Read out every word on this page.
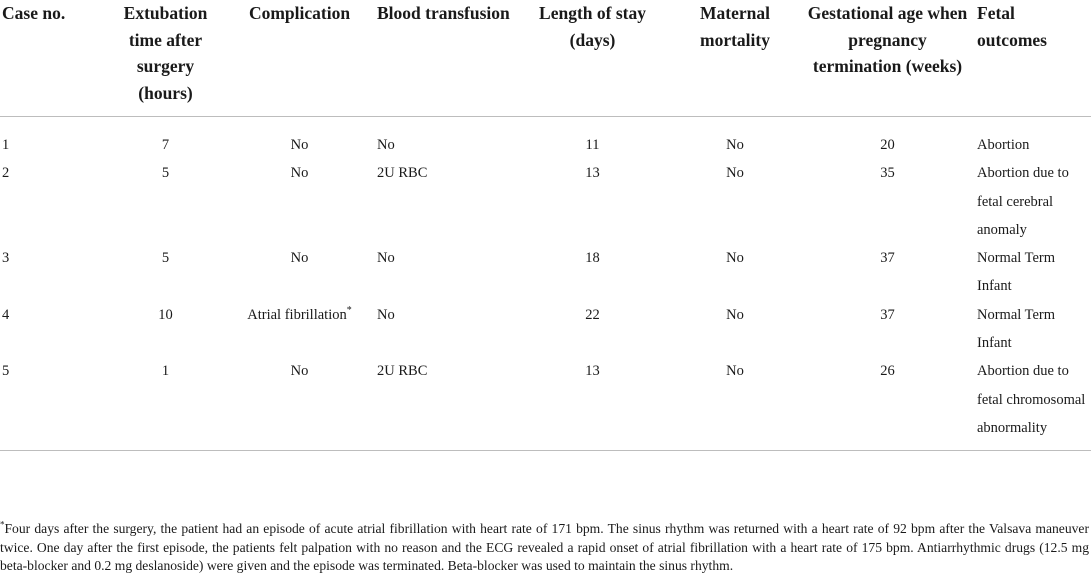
Case no.	Extubation time after surgery (hours)	Complication	Blood transfusion	Length of stay (days)	Maternal mortality	Gestational age when pregnancy termination (weeks)	Fetal outcomes
1	7	No	No	11	No	20	Abortion
2	5	No	2U RBC	13	No	35	Abortion due to fetal cerebral anomaly
3	5	No	No	18	No	37	Normal Term Infant
4	10	Atrial fibrillation*	No	22	No	37	Normal Term Infant
5	1	No	2U RBC	13	No	26	Abortion due to fetal chromosomal abnormality
*Four days after the surgery, the patient had an episode of acute atrial fibrillation with heart rate of 171 bpm. The sinus rhythm was returned with a heart rate of 92 bpm after the Valsava maneuver twice. One day after the first episode, the patients felt palpation with no reason and the ECG revealed a rapid onset of atrial fibrillation with a heart rate of 175 bpm. Antiarrhythmic drugs (12.5 mg beta-blocker and 0.2 mg deslanoside) were given and the episode was terminated. Beta-blocker was used to maintain the sinus rhythm.
